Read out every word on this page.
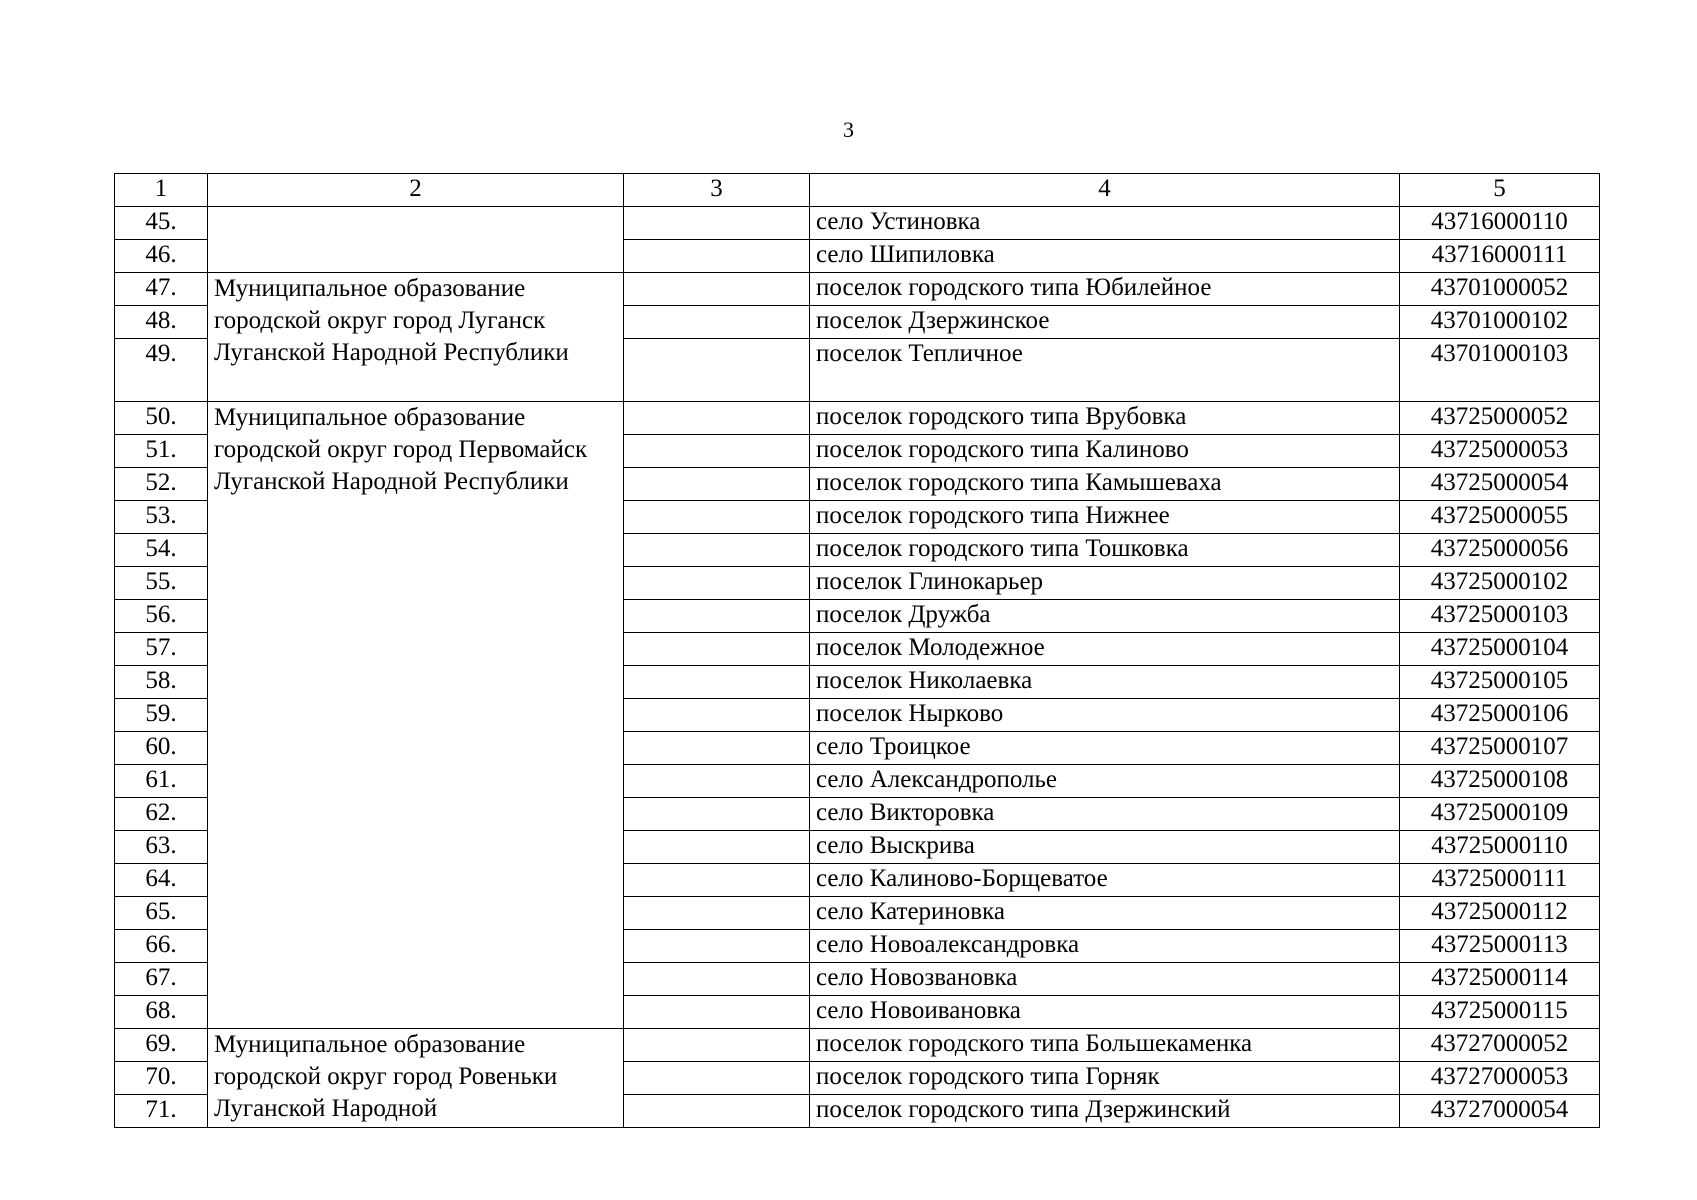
3
1	2	3	4	5
45.			село Устиновка	43716000110
46.			село Шипиловка	43716000111
47.	Муниципальное образование городской округ город Луганск Луганской Народной Республики		поселок городского типа Юбилейное	43701000052
48.			поселок Дзержинское	43701000102
49.			поселок Тепличное	43701000103
50.	Муниципальное образование городской округ город Первомайск Луганской Народной Республики		поселок городского типа Врубовка	43725000052
51.			поселок городского типа Калиново	43725000053
52.			поселок городского типа Камышеваха	43725000054
53.			поселок городского типа Нижнее	43725000055
54.			поселок городского типа Тошковка	43725000056
55.			поселок Глинокарьер	43725000102
56.			поселок Дружба	43725000103
57.			поселок Молодежное	43725000104
58.			поселок Николаевка	43725000105
59.			поселок Нырково	43725000106
60.			село Троицкое	43725000107
61.			село Александрополье	43725000108
62.			село Викторовка	43725000109
63.			село Выскрива	43725000110
64.			село Калиново-Борщеватое	43725000111
65.			село Катериновка	43725000112
66.			село Новоалександровка	43725000113
67.			село Новозвановка	43725000114
68.			село Новоивановка	43725000115
69.	Муниципальное образование городской округ город Ровеньки Луганской Народной		поселок городского типа Большекаменка	43727000052
70.			поселок городского типа Горняк	43727000053
71.			поселок городского типа Дзержинский	43727000054
